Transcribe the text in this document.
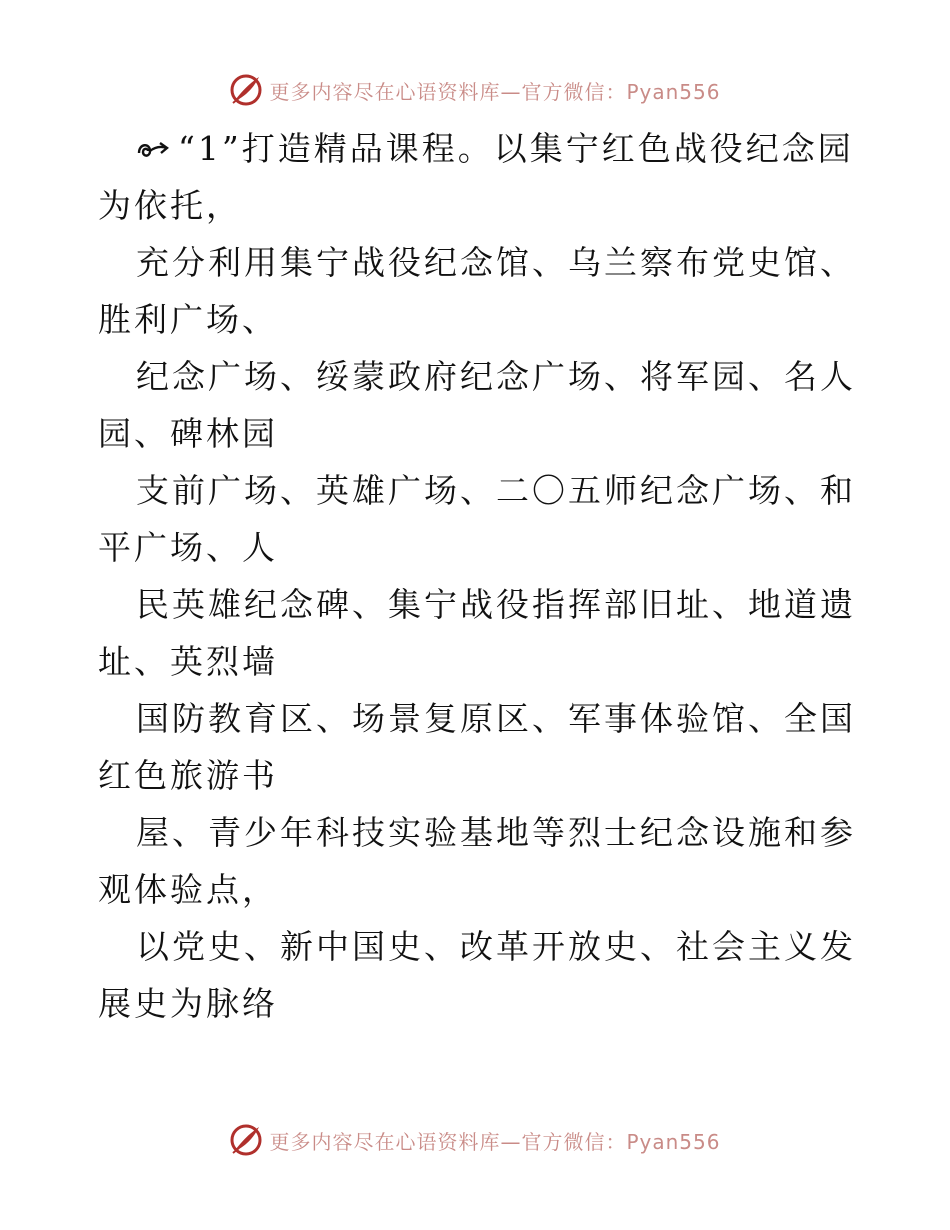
更多内容尽在心语资料库—官方微信：Pyan556

“1”打造精品课程。以集宁红色战役纪念园为依托，

充分利用集宁战役纪念馆、乌兰察布党史馆、胜利广场、

纪念广场、绥蒙政府纪念广场、将军园、名人园、碑林园

支前广场、英雄广场、二〇五师纪念广场、和平广场、人

民英雄纪念碑、集宁战役指挥部旧址、地道遗址、英烈墙

国防教育区、场景复原区、军事体验馆、全国红色旅游书

屋、青少年科技实验基地等烈士纪念设施和参观体验点，

以党史、新中国史、改革开放史、社会主义发展史为脉络

更多内容尽在心语资料库—官方微信：Pyan556
